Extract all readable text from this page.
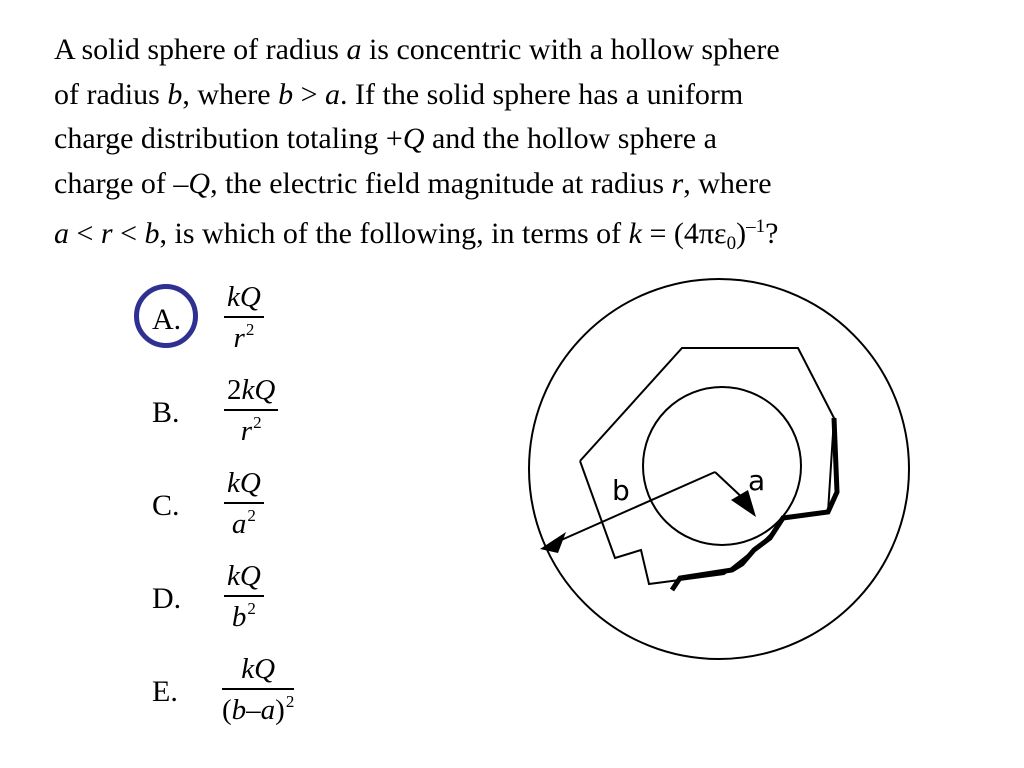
A solid sphere of radius a is concentric with a hollow sphere
of radius b, where b > a. If the solid sphere has a uniform
charge distribution totaling +Q and the hollow sphere a
charge of –Q, the electric field magnitude at radius r, where
a < r < b, is which of the following, in terms of $k = (4\pi\varepsilon_0)^{-1}$?
A.
kQ
$r^2$
B.
2kQ
$r^2$
C.
kQ
$a^2$
D.
kQ
$b^2$
E.
kQ
$(b-a)^2$
b	a
